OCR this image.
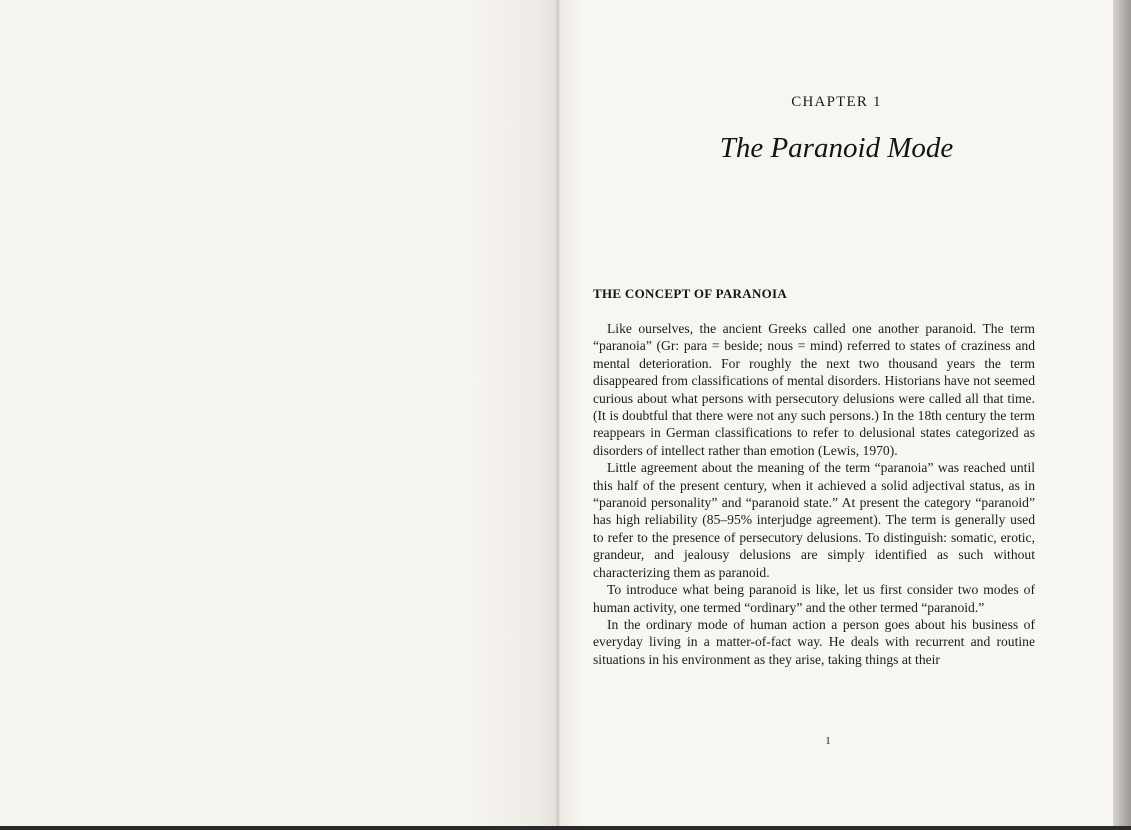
CHAPTER 1
The Paranoid Mode
THE CONCEPT OF PARANOIA

Like ourselves, the ancient Greeks called one another paranoid. The term “paranoia” (Gr: para = beside; nous = mind) referred to states of craziness and mental deterioration. For roughly the next two thousand years the term disappeared from classifications of mental disorders. Historians have not seemed curious about what persons with persecutory delusions were called all that time. (It is doubtful that there were not any such persons.) In the 18th century the term reappears in German classifications to refer to delusional states categorized as disorders of intellect rather than emotion (Lewis, 1970).

Little agreement about the meaning of the term “paranoia” was reached until this half of the present century, when it achieved a solid adjectival status, as in “paranoid personality” and “paranoid state.” At present the category “paranoid” has high reliability (85–95% interjudge agreement). The term is generally used to refer to the presence of persecutory delusions. To distinguish: somatic, erotic, grandeur, and jealousy delusions are simply identified as such without characterizing them as paranoid.

To introduce what being paranoid is like, let us first consider two modes of human activity, one termed “ordinary” and the other termed “paranoid.”

In the ordinary mode of human action a person goes about his business of everyday living in a matter-of-fact way. He deals with recurrent and routine situations in his environment as they arise, taking things at their

1
